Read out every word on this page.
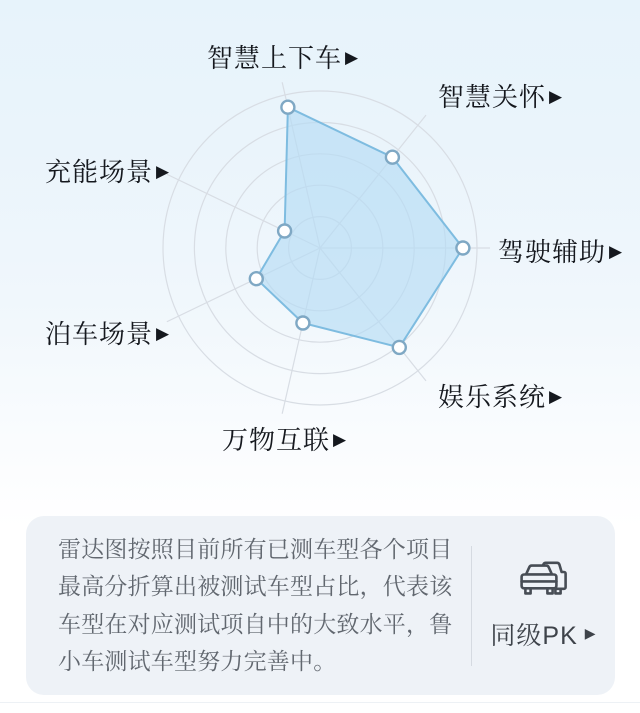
驾驶辅助 ▶
智慧关怀 ▶
智慧上下车 ▶
充能场景 ▶
泊车场景 ▶
万物互联 ▶
娱乐系统 ▶

雷达图按照目前所有已测车型各个项目最高分折算出被测试车型占比，代表该车型在对应测试项自中的大致水平，鲁小车测试车型努力完善中。

同级PK ▶
